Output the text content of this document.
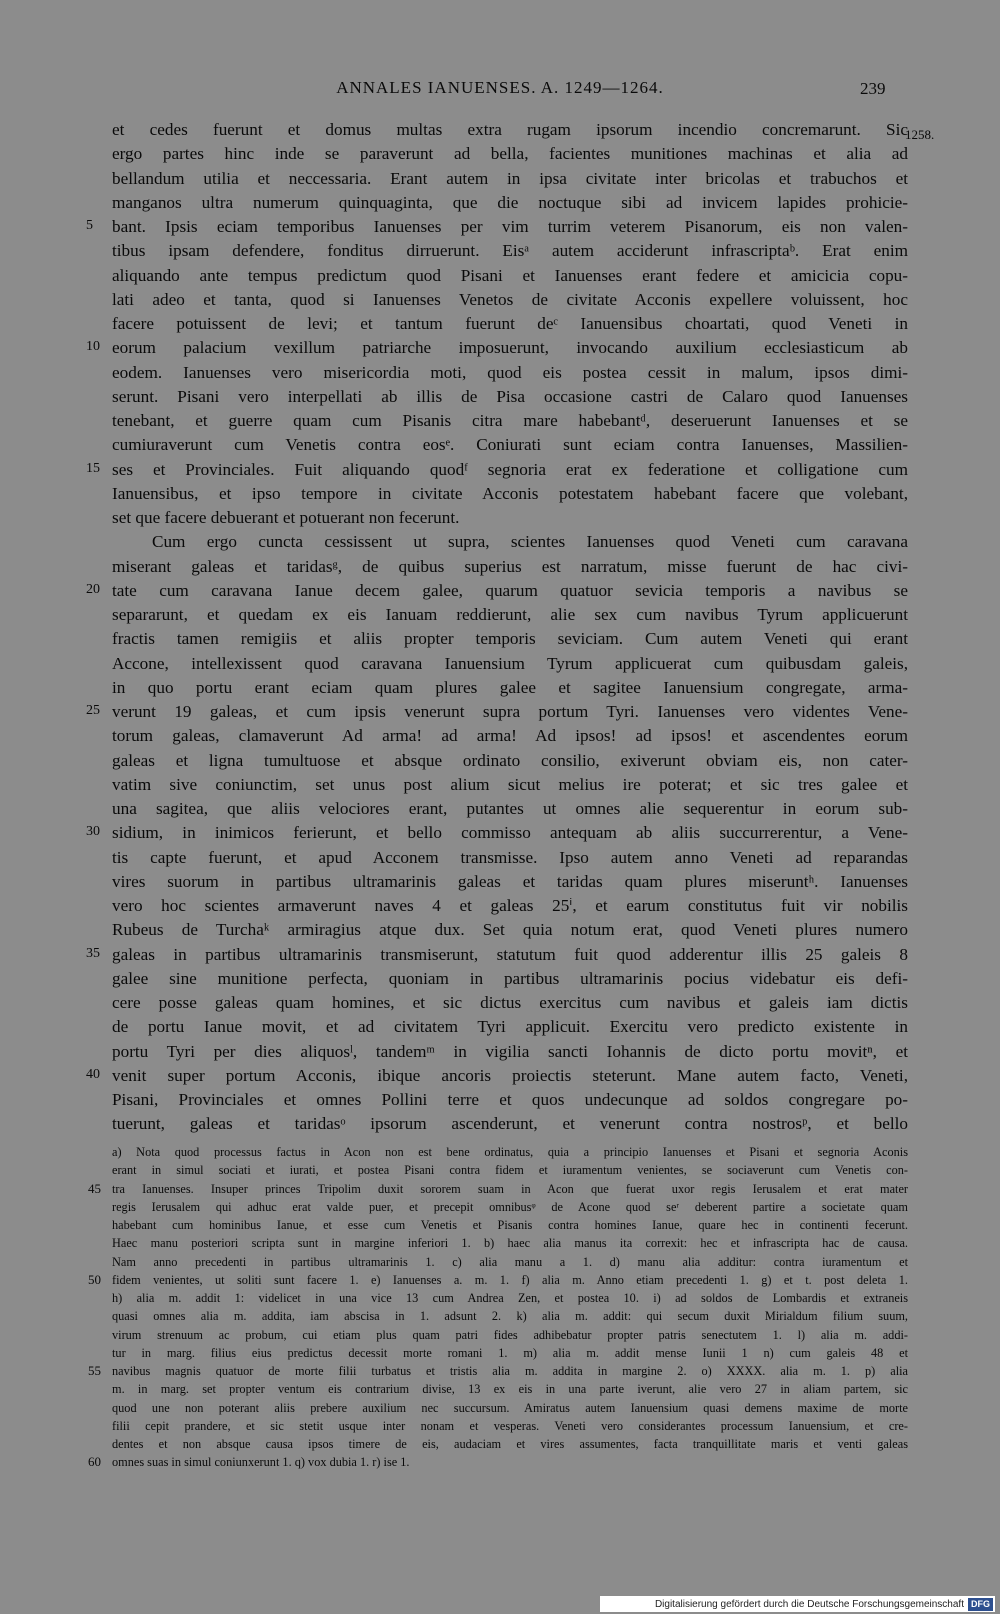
ANNALES IANUENSES. A. 1249—1264.	239
1258.
et cedes fuerunt et domus multas extra rugam ipsorum incendio concremarunt. Sic
ergo partes hinc inde se paraverunt ad bella, facientes munitiones machinas et alia ad
bellandum utilia et neccessaria. Erant autem in ipsa civitate inter bricolas et trabuchos et
manganos ultra numerum quinquaginta, que die noctuque sibi ad invicem lapides prohicie-
bant. Ipsis eciam temporibus Ianuenses per vim turrim veterem Pisanorum, eis non valen-
tibus ipsam defendere, fonditus dirruerunt. Eisᵃ autem acciderunt infrascriptaᵇ. Erat enim
aliquando ante tempus predictum quod Pisani et Ianuenses erant federe et amicicia copu-
lati adeo et tanta, quod si Ianuenses Venetos de civitate Acconis expellere voluissent, hoc
facere potuissent de levi; et tantum fuerunt deᶜ Ianuensibus choartati, quod Veneti in
eorum palacium vexillum patriarche imposuerunt, invocando auxilium ecclesiasticum ab
eodem. Ianuenses vero misericordia moti, quod eis postea cessit in malum, ipsos dimi-
serunt. Pisani vero interpellati ab illis de Pisa occasione castri de Calaro quod Ianuenses
tenebant, et guerre quam cum Pisanis citra mare habebantᵈ, deseruerunt Ianuenses et se
cumiuraverunt cum Venetis contra eosᵉ. Coniurati sunt eciam contra Ianuenses, Massilien-
ses et Provinciales. Fuit aliquando quodᶠ segnoria erat ex federatione et colligatione cum
Ianuensibus, et ipso tempore in civitate Acconis potestatem habebant facere que volebant,
set que facere debuerant et potuerant non fecerunt.
Cum ergo cuncta cessissent ut supra, scientes Ianuenses quod Veneti cum caravana
miserant galeas et taridasᵍ, de quibus superius est narratum, misse fuerunt de hac civi-
tate cum caravana Ianue decem galee, quarum quatuor sevicia temporis a navibus se
separarunt, et quedam ex eis Ianuam reddierunt, alie sex cum navibus Tyrum applicuerunt
fractis tamen remigiis et aliis propter temporis seviciam. Cum autem Veneti qui erant
Accone, intellexissent quod caravana Ianuensium Tyrum applicuerat cum quibusdam galeis,
in quo portu erant eciam quam plures galee et sagitee Ianuensium congregate, arma-
verunt 19 galeas, et cum ipsis venerunt supra portum Tyri. Ianuenses vero videntes Vene-
torum galeas, clamaverunt Ad arma! ad arma! Ad ipsos! ad ipsos! et ascendentes eorum
galeas et ligna tumultuose et absque ordinato consilio, exiverunt obviam eis, non cater-
vatim sive coniunctim, set unus post alium sicut melius ire poterat; et sic tres galee et
una sagitea, que aliis velociores erant, putantes ut omnes alie sequerentur in eorum sub-
sidium, in inimicos ferierunt, et bello commisso antequam ab aliis succurrerentur, a Vene-
tis capte fuerunt, et apud Acconem transmisse. Ipso autem anno Veneti ad reparandas
vires suorum in partibus ultramarinis galeas et taridas quam plures miseruntʰ. Ianuenses
vero hoc scientes armaverunt naves 4 et galeas 25ⁱ, et earum constitutus fuit vir nobilis
Rubeus de Turchaᵏ armiragius atque dux. Set quia notum erat, quod Veneti plures numero
galeas in partibus ultramarinis transmiserunt, statutum fuit quod adderentur illis 25 galeis 8
galee sine munitione perfecta, quoniam in partibus ultramarinis pocius videbatur eis defi-
cere posse galeas quam homines, et sic dictus exercitus cum navibus et galeis iam dictis
de portu Ianue movit, et ad civitatem Tyri applicuit. Exercitu vero predicto existente in
portu Tyri per dies aliquosˡ, tandemᵐ in vigilia sancti Iohannis de dicto portu movitⁿ, et
venit super portum Acconis, ibique ancoris proiectis steterunt. Mane autem facto, Veneti,
Pisani, Provinciales et omnes Pollini terre et quos undecunque ad soldos congregare po-
tuerunt, galeas et taridasᵒ ipsorum ascenderunt, et venerunt contra nostrosᵖ, et bello
5
10
15
20
25
30
35
40
a) Nota quod processus factus in Acon non est bene ordinatus, quia a principio Ianuenses et Pisani et segnoria Aconis
erant in simul sociati et iurati, et postea Pisani contra fidem et iuramentum venientes, se sociaverunt cum Venetis con-
tra Ianuenses. Insuper princes Tripolim duxit sororem suam in Acon que fuerat uxor regis Ierusalem et erat mater
regis Ierusalem qui adhuc erat valde puer, et precepit omnibusᵠ de Acone quod seʳ deberent partire a societate quam
habebant cum hominibus Ianue, et esse cum Venetis et Pisanis contra homines Ianue, quare hec in continenti fecerunt.
Haec manu posteriori scripta sunt in margine inferiori 1. b) haec alia manus ita correxit: hec et infrascripta hac de causa.
Nam anno precedenti in partibus ultramarinis 1. c) alia manu a 1. d) manu alia additur: contra iuramentum et
fidem venientes, ut soliti sunt facere 1. e) Ianuenses a. m. 1. f) alia m. Anno etiam precedenti 1. g) et t. post deleta 1.
h) alia m. addit 1: videlicet in una vice 13 cum Andrea Zen, et postea 10. i) ad soldos de Lombardis et extraneis
quasi omnes alia m. addita, iam abscisa in 1. adsunt 2. k) alia m. addit: qui secum duxit Mirialdum filium suum,
virum strenuum ac probum, cui etiam plus quam patri fides adhibebatur propter patris senectutem 1. l) alia m. addi-
tur in marg. filius eius predictus decessit morte romani 1. m) alia m. addit mense Iunii 1 n) cum galeis 48 et
navibus magnis quatuor de morte filii turbatus et tristis alia m. addita in margine 2. o) XXXX. alia m. 1. p) alia
m. in marg. set propter ventum eis contrarium divise, 13 ex eis in una parte iverunt, alie vero 27 in aliam partem, sic
quod une non poterant aliis prebere auxilium nec succursum. Amiratus autem Ianuensium quasi demens maxime de morte
filii cepit prandere, et sic stetit usque inter nonam et vesperas. Veneti vero considerantes processum Ianuensium, et cre-
dentes et non absque causa ipsos timere de eis, audaciam et vires assumentes, facta tranquillitate maris et venti galeas
omnes suas in simul coniunxerunt 1. q) vox dubia 1. r) ise 1.
45
50
55
60
Digitalisierung gefördert durch die Deutsche Forschungsgemeinschaft DFG
